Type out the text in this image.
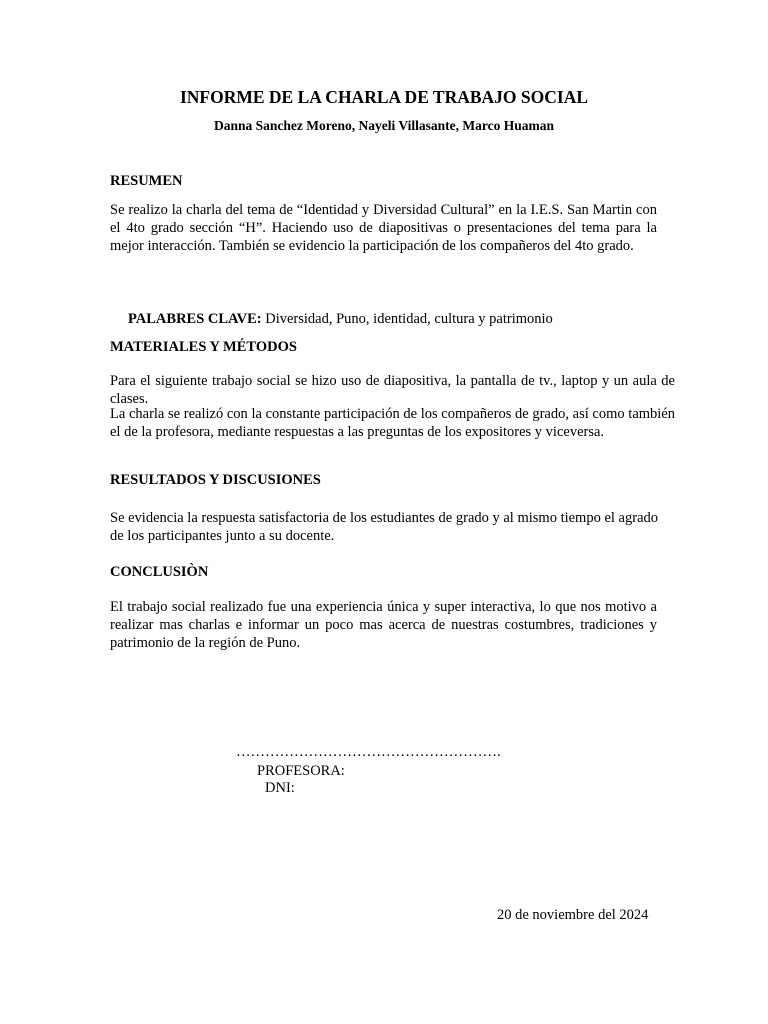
INFORME DE LA CHARLA DE TRABAJO SOCIAL
Danna Sanchez Moreno, Nayeli Villasante, Marco Huaman
RESUMEN
Se realizo la charla del tema de “Identidad y Diversidad Cultural” en la I.E.S. San Martin con el 4to grado sección “H”. Haciendo uso de diapositivas o presentaciones del tema para la mejor interacción. También se evidencio la participación de los compañeros del 4to grado.
PALABRES CLAVE: Diversidad, Puno, identidad, cultura y patrimonio
MATERIALES Y MÉTODOS
Para el siguiente trabajo social se hizo uso de diapositiva, la pantalla de tv., laptop y un aula de clases.
La charla se realizó con la constante participación de los compañeros de grado, así como también el de la profesora, mediante respuestas a las preguntas de los expositores y viceversa.
RESULTADOS Y DISCUSIONES
Se evidencia la respuesta satisfactoria de los estudiantes de grado y al mismo tiempo el agrado de los participantes junto a su docente.
CONCLUSIÒN
El trabajo social realizado fue una experiencia única y super interactiva, lo que nos motivo a realizar mas charlas e informar un poco mas acerca de nuestras costumbres, tradiciones y patrimonio de la región de Puno.
……………………………………………….
PROFESORA:
DNI:
20 de noviembre del 2024
